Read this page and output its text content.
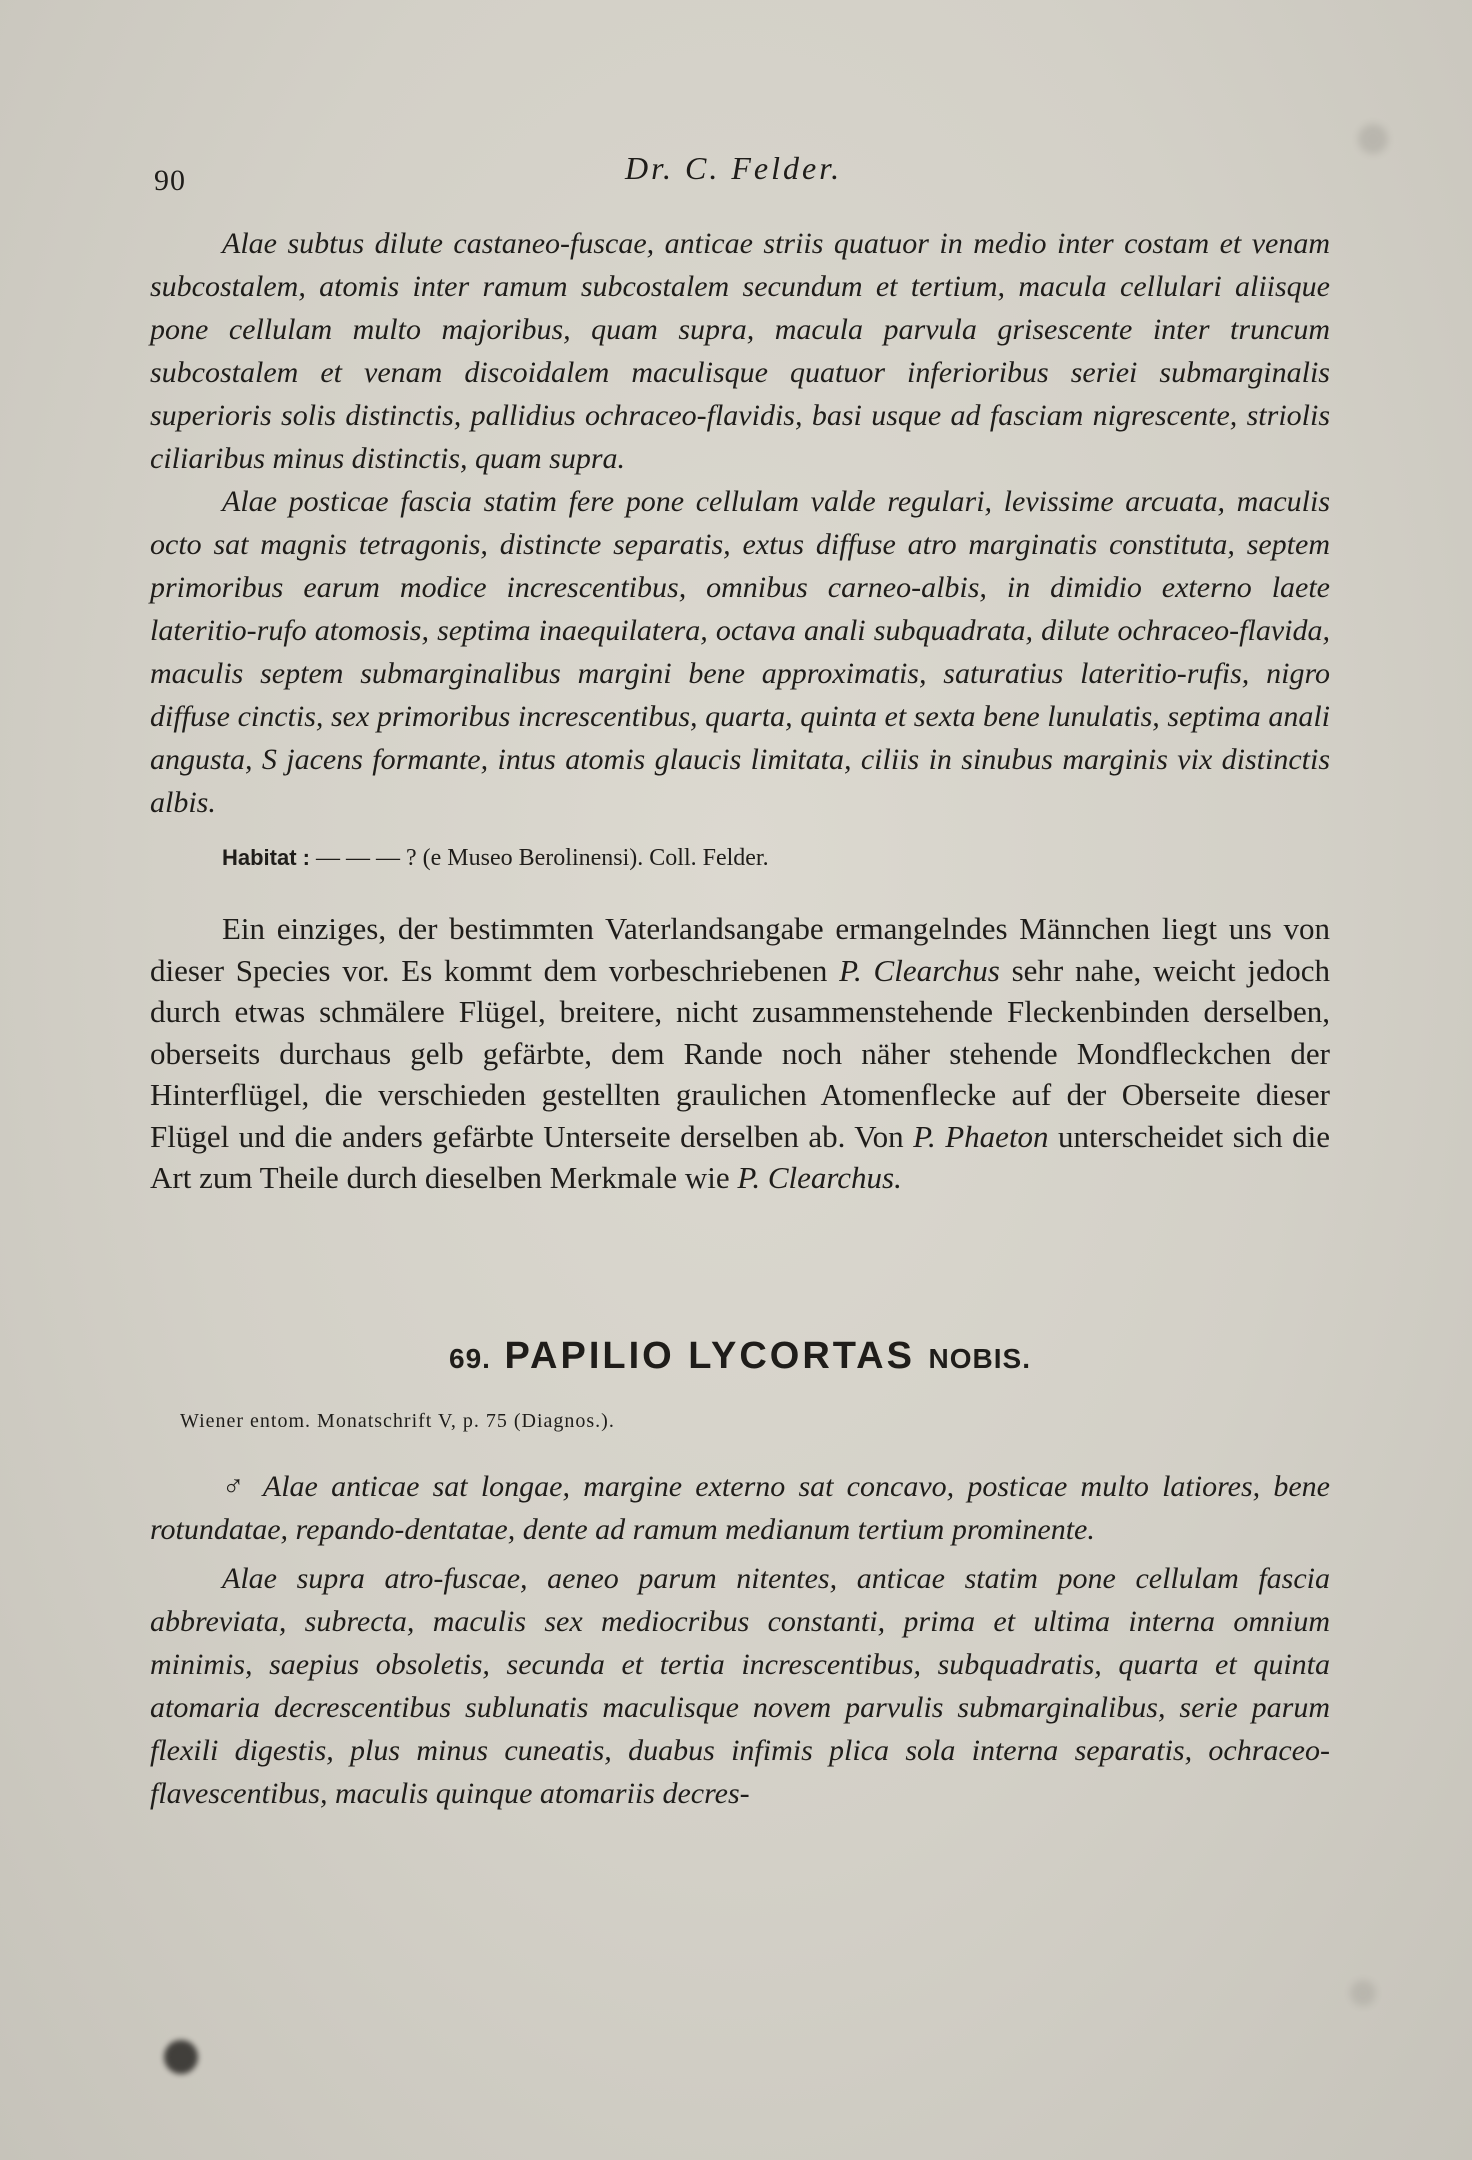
90	Dr. C. Felder.

Alae subtus dilute castaneo-fuscae, anticae striis quatuor in medio inter costam et venam subcostalem, atomis inter ramum subcostalem secundum et tertium, macula cellulari aliisque pone cellulam multo majoribus, quam supra, macula parvula grisescente inter truncum subcostalem et venam discoidalem maculisque quatuor inferioribus seriei submarginalis superioris solis distinctis, pallidius ochraceo-flavidis, basi usque ad fasciam nigrescente, striolis ciliaribus minus distinctis, quam supra.

Alae posticae fascia statim fere pone cellulam valde regulari, levissime arcuata, maculis octo sat magnis tetragonis, distincte separatis, extus diffuse atro marginatis constituta, septem primoribus earum modice increscentibus, omnibus carneo-albis, in dimidio externo laete lateritio-rufo atomosis, septima inaequilatera, octava anali subquadrata, dilute ochraceo-flavida, maculis septem submarginalibus margini bene approximatis, saturatius lateritio-rufis, nigro diffuse cinctis, sex primoribus increscentibus, quarta, quinta et sexta bene lunulatis, septima anali angusta, S jacens formante, intus atomis glaucis limitata, ciliis in sinubus marginis vix distinctis albis.

Habitat : — — — ? (e Museo Berolinensi). Coll. Felder.

Ein einziges, der bestimmten Vaterlandsangabe ermangelndes Männchen liegt uns von dieser Species vor. Es kommt dem vorbeschriebenen P. Clearchus sehr nahe, weicht jedoch durch etwas schmälere Flügel, breitere, nicht zusammenstehende Fleckenbinden derselben, oberseits durchaus gelb gefärbte, dem Rande noch näher stehende Mondfleckchen der Hinterflügel, die verschieden gestellten graulichen Atomenflecke auf der Oberseite dieser Flügel und die anders gefärbte Unterseite derselben ab. Von P. Phaeton unterscheidet sich die Art zum Theile durch dieselben Merkmale wie P. Clearchus.

69. PAPILIO LYCORTAS NOBIS.
Wiener entom. Monatschrift V, p. 75 (Diagnos.).

♂ Alae anticae sat longae, margine externo sat concavo, posticae multo latiores, bene rotundatae, repando-dentatae, dente ad ramum medianum tertium prominente.

Alae supra atro-fuscae, aeneo parum nitentes, anticae statim pone cellulam fascia abbreviata, subrecta, maculis sex mediocribus constanti, prima et ultima interna omnium minimis, saepius obsoletis, secunda et tertia increscentibus, subquadratis, quarta et quinta atomaria decrescentibus sublunatis maculisque novem parvulis submarginalibus, serie parum flexili digestis, plus minus cuneatis, duabus infimis plica sola interna separatis, ochraceo-flavescentibus, maculis quinque atomariis decres-
